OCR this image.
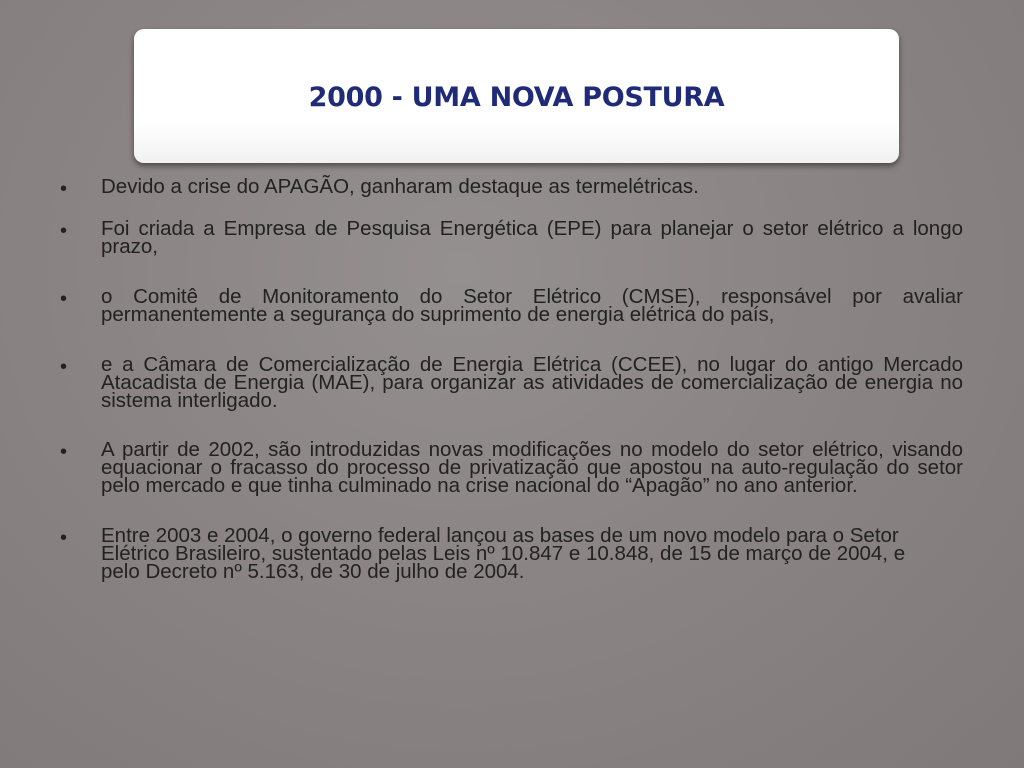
2000 - UMA NOVA POSTURA
• Devido a crise do APAGÃO, ganharam destaque as termelétricas.
• Foi criada a Empresa de Pesquisa Energética (EPE) para planejar o setor elétrico a longo prazo,
• o Comitê de Monitoramento do Setor Elétrico (CMSE), responsável por avaliar permanentemente a segurança do suprimento de energia elétrica do país,
• e a Câmara de Comercialização de Energia Elétrica (CCEE), no lugar do antigo Mercado Atacadista de Energia (MAE), para organizar as atividades de comercialização de energia no sistema interligado.
• A partir de 2002, são introduzidas novas modificações no modelo do setor elétrico, visando equacionar o fracasso do processo de privatização que apostou na auto-regulação do setor pelo mercado e que tinha culminado na crise nacional do “Apagão” no ano anterior.
• Entre 2003 e 2004, o governo federal lançou as bases de um novo modelo para o Setor Elétrico Brasileiro, sustentado pelas Leis nº 10.847 e 10.848, de 15 de março de 2004, e pelo Decreto nº 5.163, de 30 de julho de 2004.
